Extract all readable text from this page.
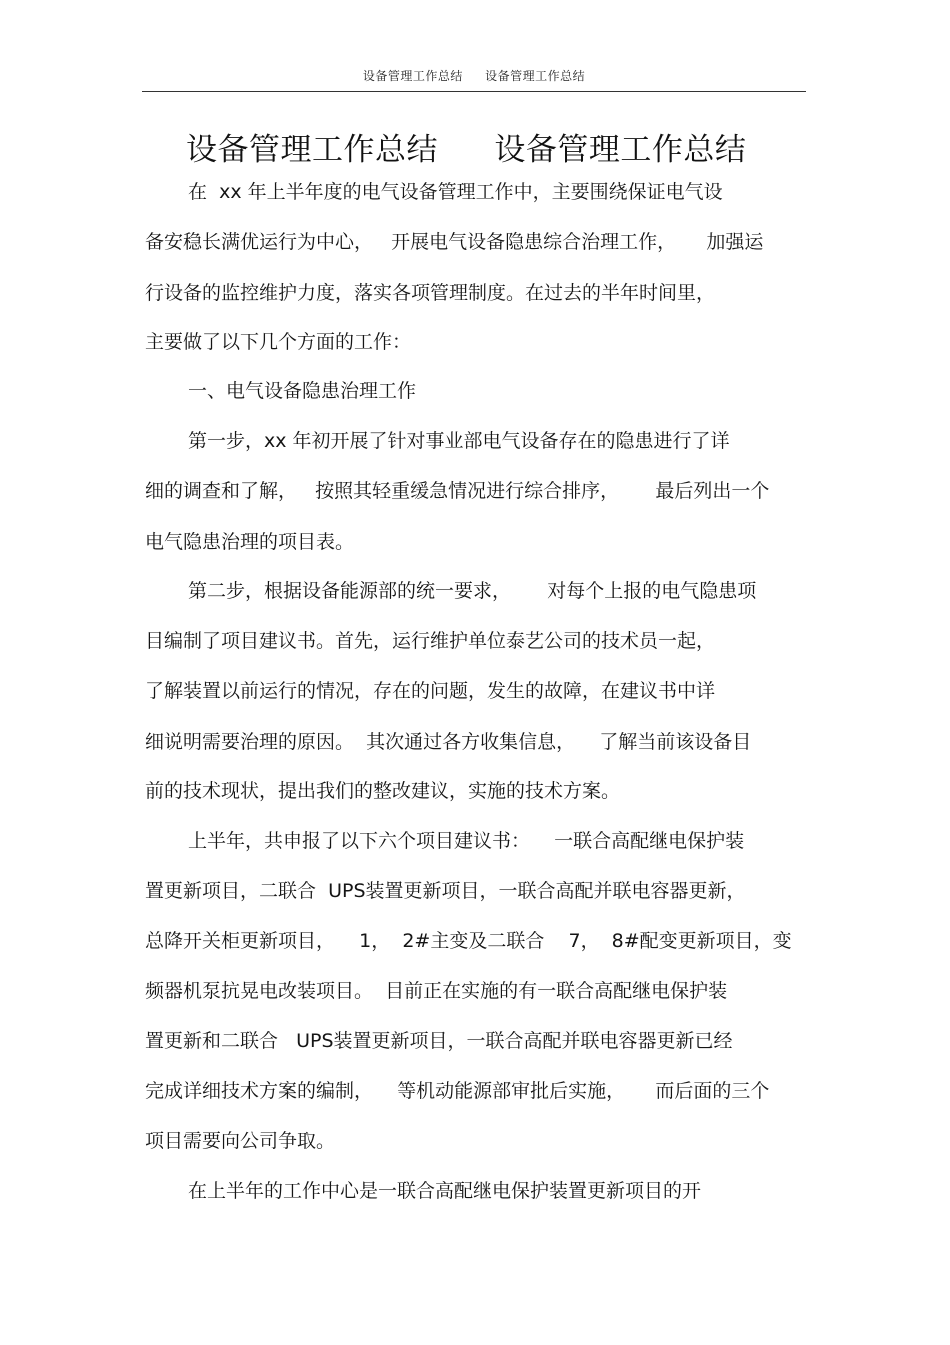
设备管理工作总结 设备管理工作总结
设备管理工作总结 设备管理工作总结
在  xx 年上半年度的电气设备管理工作中，主要围绕保证电气设
备安稳长满优运行为中心，   开展电气设备隐患综合治理工作，     加强运
行设备的监控维护力度，落实各项管理制度。在过去的半年时间里，
主要做了以下几个方面的工作：
一、电气设备隐患治理工作
第一步，xx 年初开展了针对事业部电气设备存在的隐患进行了详
细的调查和了解，   按照其轻重缓急情况进行综合排序，      最后列出一个
电气隐患治理的项目表。
第二步，根据设备能源部的统一要求，      对每个上报的电气隐患项
目编制了项目建议书。首先，运行维护单位泰艺公司的技术员一起，
了解装置以前运行的情况，存在的问题，发生的故障，在建议书中详
细说明需要治理的原因。  其次通过各方收集信息，    了解当前该设备目
前的技术现状，提出我们的整改建议，实施的技术方案。
上半年，共申报了以下六个项目建议书：    一联合高配继电保护装
置更新项目，二联合  UPS装置更新项目，一联合高配并联电容器更新，
总降开关柜更新项目，    1，  2#主变及二联合    7，  8#配变更新项目，变
频器机泵抗晃电改装项目。  目前正在实施的有一联合高配继电保护装
置更新和二联合   UPS装置更新项目，一联合高配并联电容器更新已经
完成详细技术方案的编制，    等机动能源部审批后实施，     而后面的三个
项目需要向公司争取。
在上半年的工作中心是一联合高配继电保护装置更新项目的开
